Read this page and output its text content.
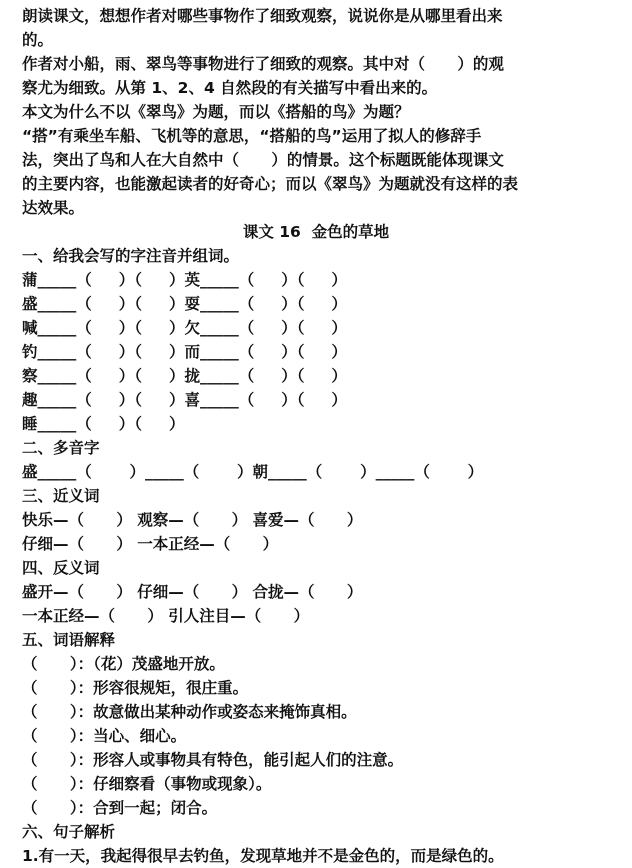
朗读课文，想想作者对哪些事物作了细致观察，说说你是从哪里看出来
的。
作者对小船，雨、翠鸟等事物进行了细致的观察。其中对（      ）的观
察尤为细致。从第 1、2、4 自然段的有关描写中看出来的。
本文为什么不以《翠鸟》为题，而以《搭船的鸟》为题？
“搭”有乘坐车船、飞机等的意思，“搭船的鸟”运用了拟人的修辞手
法，突出了鸟和人在大自然中（      ）的情景。这个标题既能体现课文
的主要内容，也能激起读者的好奇心；而以《翠鸟》为题就没有这样的表
达效果。
课文 16  金色的草地
一、给我会写的字注音并组词。
蒲_____（     ）（     ）英_____（     ）（     ）
盛_____（     ）（     ）耍_____（     ）（     ）
喊_____（     ）（     ）欠_____（     ）（     ）
钓_____（     ）（     ）而_____（     ）（     ）
察_____（     ）（     ）拢_____（     ）（     ）
趣_____（     ）（     ）喜_____（     ）（     ）
睡_____（     ）（     ）
二、多音字
盛_____（       ）_____（       ）朝_____（       ）_____（       ）
三、近义词
快乐—（      ） 观察—（      ） 喜爱—（      ）
仔细—（      ） 一本正经—（      ）
四、反义词
盛开—（      ） 仔细—（      ） 合拢—（      ）
一本正经—（      ） 引人注目—（      ）
五、词语解释
（      ）：（花）茂盛地开放。
（      ）：形容很规矩，很庄重。
（      ）：故意做出某种动作或姿态来掩饰真相。
（      ）：当心、细心。
（      ）：形容人或事物具有特色，能引起人们的注意。
（      ）：仔细察看（事物或现象）。
（      ）：合到一起；闭合。
六、句子解析
1.有一天，我起得很早去钓鱼，发现草地并不是金色的，而是绿色的。
